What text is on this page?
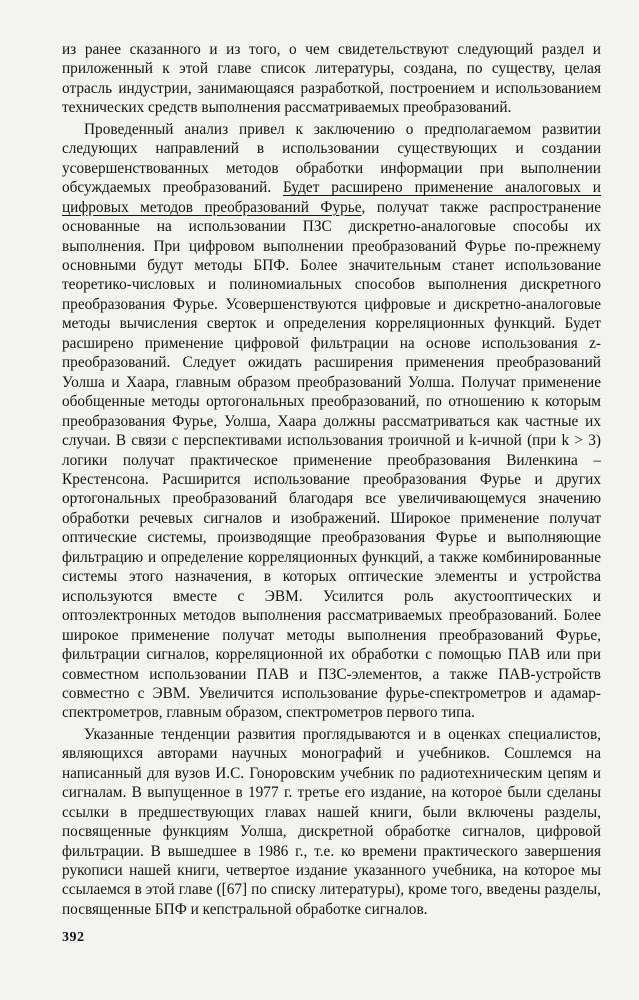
из ранее сказанного и из того, о чем свидетельствуют следующий раздел и приложенный к этой главе список литературы, создана, по существу, целая отрасль индустрии, занимающаяся разработкой, построением и использованием технических средств выполнения рассматриваемых преобразований.

Проведенный анализ привел к заключению о предполагаемом развитии следующих направлений в использовании существующих и создании усовершенствованных методов обработки информации при выполнении обсуждаемых преобразований. Будет расширено применение аналоговых и цифровых методов преобразований Фурье, получат также распространение основанные на использовании ПЗС дискретно-аналоговые способы их выполнения. При цифровом выполнении преобразований Фурье по-прежнему основными будут методы БПФ. Более значительным станет использование теоретико-числовых и полиномиальных способов выполнения дискретного преобразования Фурье. Усовершенствуются цифровые и дискретно-аналоговые методы вычисления сверток и определения корреляционных функций. Будет расширено применение цифровой фильтрации на основе использования z-преобразований. Следует ожидать расширения применения преобразований Уолша и Хаара, главным образом преобразований Уолша. Получат применение обобщенные методы ортогональных преобразований, по отношению к которым преобразования Фурье, Уолша, Хаара должны рассматриваться как частные их случаи. В связи с перспективами использования троичной и k-ичной (при k > 3) логики получат практическое применение преобразования Виленкина – Крестенсона. Расширится использование преобразования Фурье и других ортогональных преобразований благодаря все увеличивающемуся значению обработки речевых сигналов и изображений. Широкое применение получат оптические системы, производящие преобразования Фурье и выполняющие фильтрацию и определение корреляционных функций, а также комбинированные системы этого назначения, в которых оптические элементы и устройства используются вместе с ЭВМ. Усилится роль акустооптических и оптоэлектронных методов выполнения рассматриваемых преобразований. Более широкое применение получат методы выполнения преобразований Фурье, фильтрации сигналов, корреляционной их обработки с помощью ПАВ или при совместном использовании ПАВ и ПЗС-элементов, а также ПАВ-устройств совместно с ЭВМ. Увеличится использование фурье-спектрометров и адамар-спектрометров, главным образом, спектрометров первого типа.

Указанные тенденции развития проглядываются и в оценках специалистов, являющихся авторами научных монографий и учебников. Сошлемся на написанный для вузов И.С. Гоноровским учебник по радиотехническим цепям и сигналам. В выпущенное в 1977 г. третье его издание, на которое были сделаны ссылки в предшествующих главах нашей книги, были включены разделы, посвященные функциям Уолша, дискретной обработке сигналов, цифровой фильтрации. В вышедшее в 1986 г., т.е. ко времени практического завершения рукописи нашей книги, четвертое издание указанного учебника, на которое мы ссылаемся в этой главе ([67] по списку литературы), кроме того, введены разделы, посвященные БПФ и кепстральной обработке сигналов.

392
